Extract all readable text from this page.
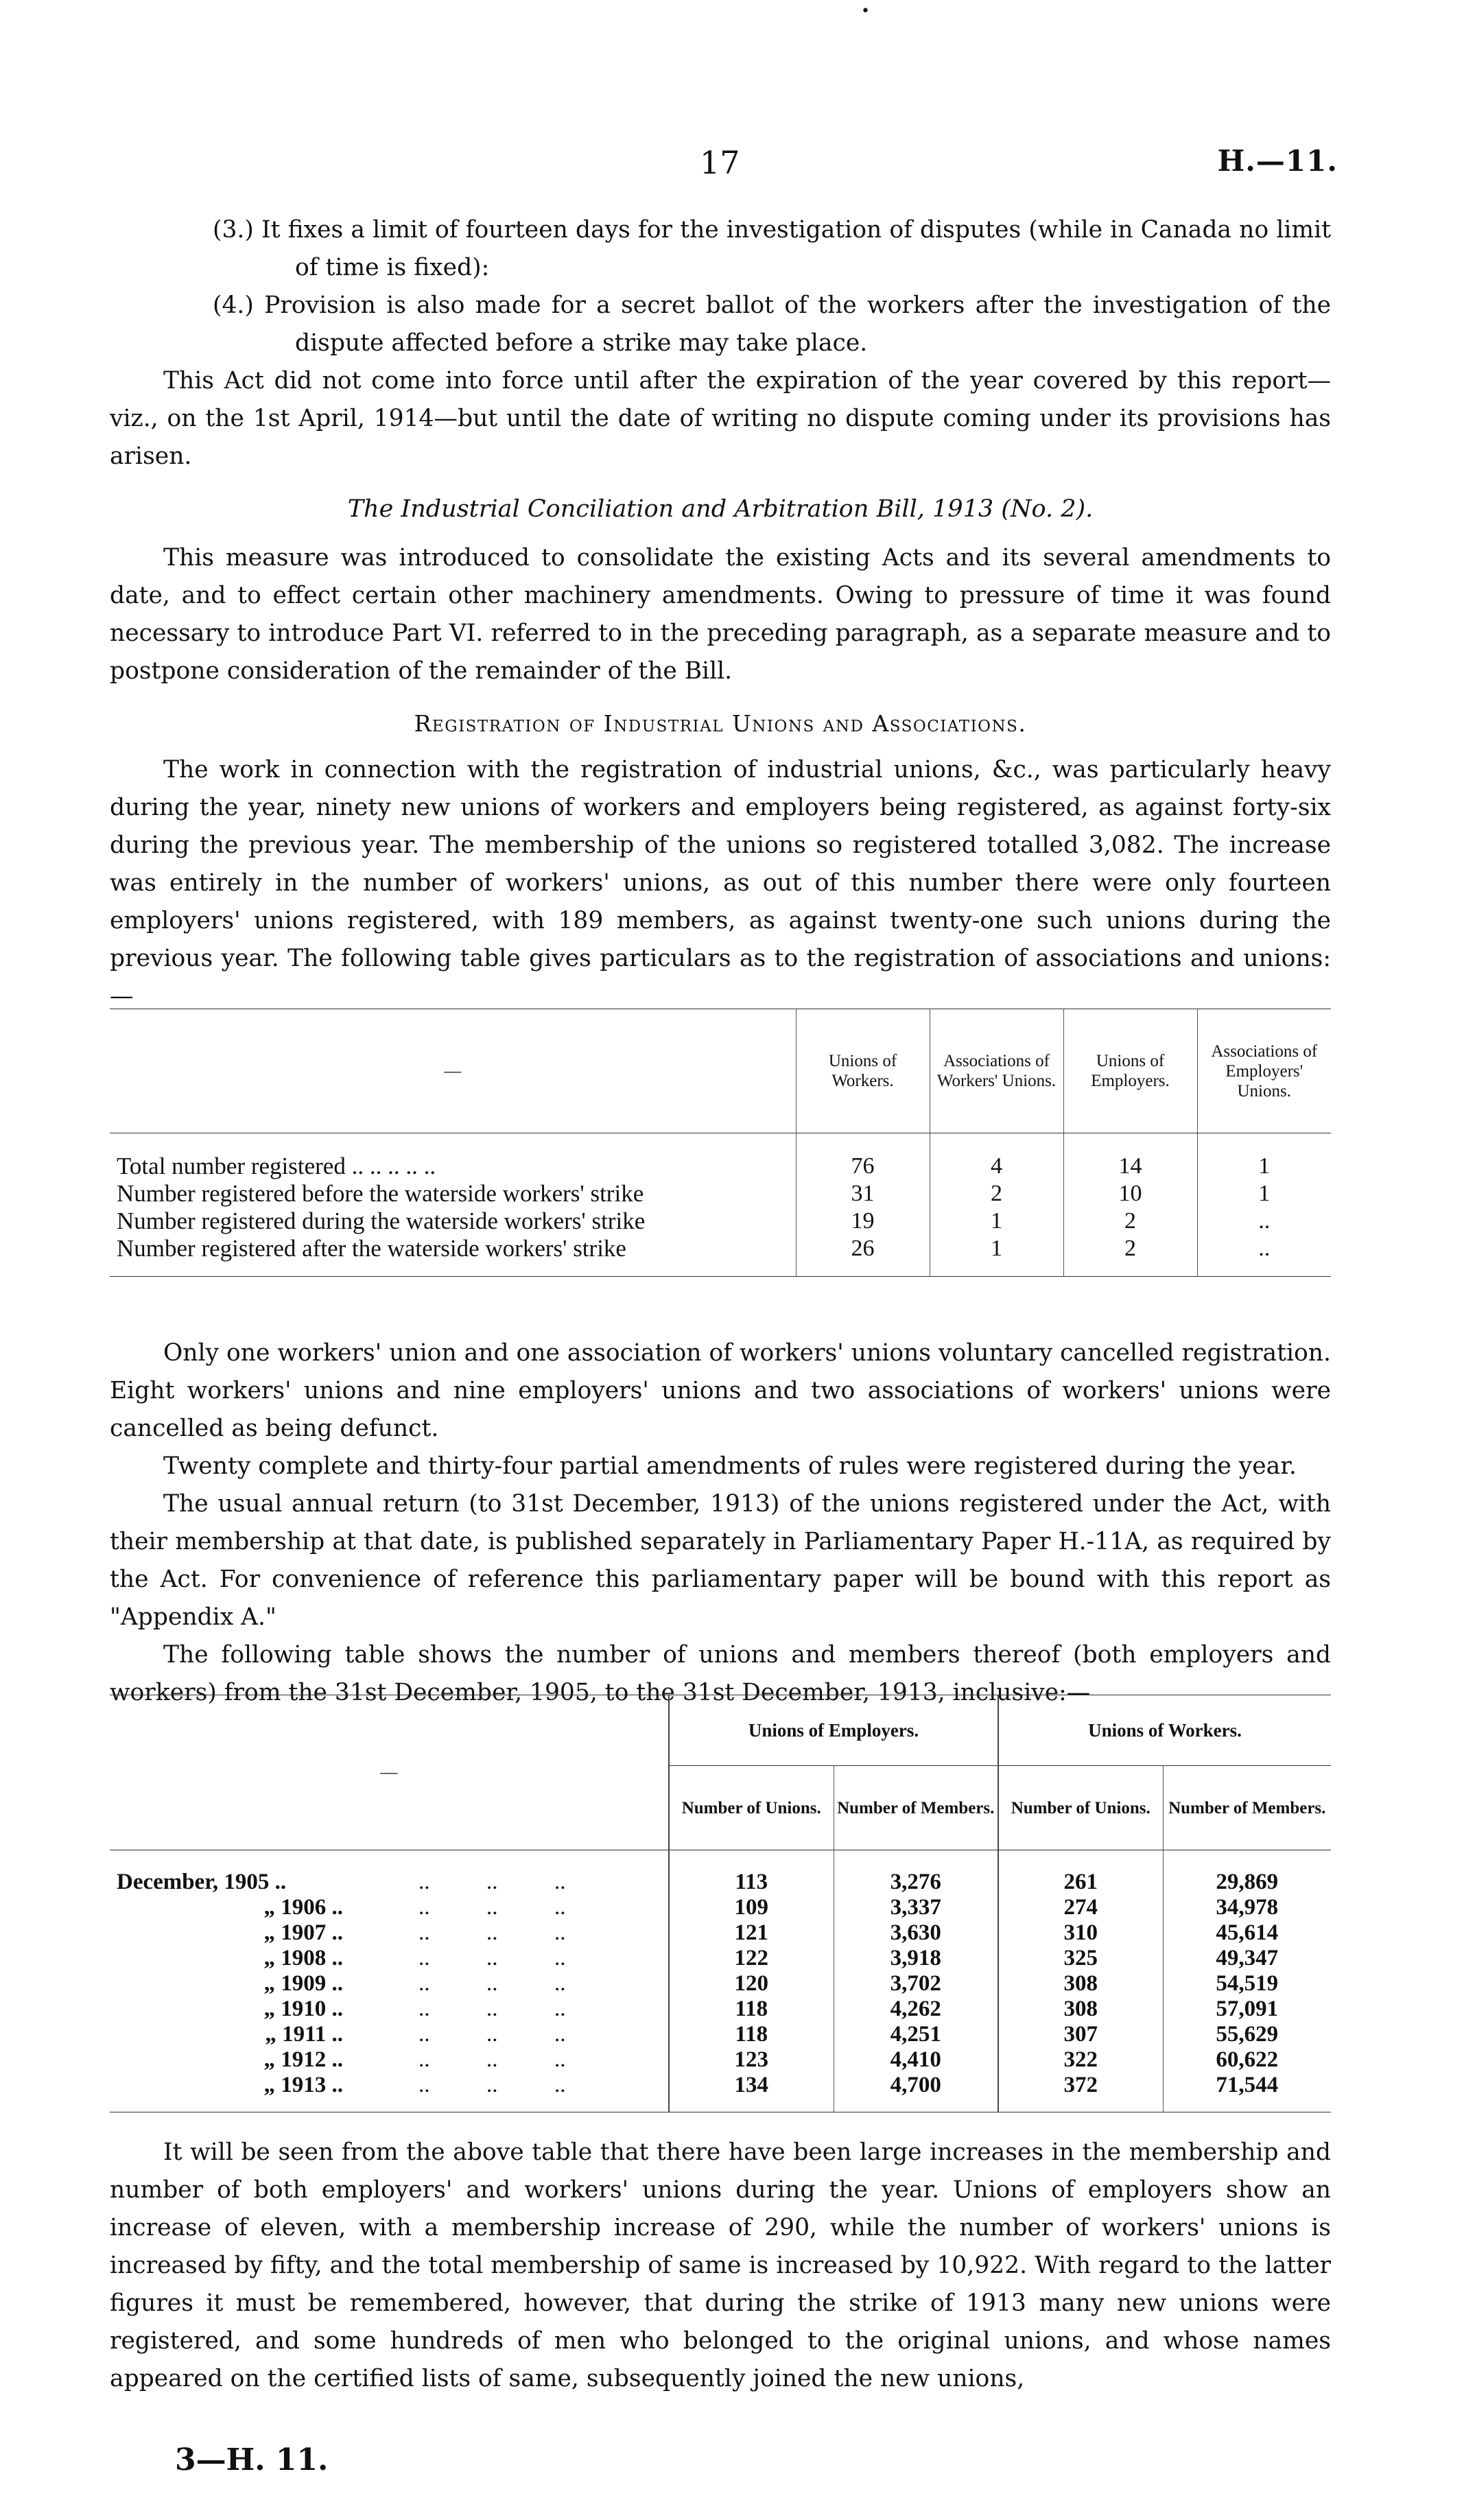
•
17	H.—11.

(3.) It fixes a limit of fourteen days for the investigation of disputes (while in Canada no limit of time is fixed):

(4.) Provision is also made for a secret ballot of the workers after the investigation of the dispute affected before a strike may take place.

This Act did not come into force until after the expiration of the year covered by this report—viz., on the 1st April, 1914—but until the date of writing no dispute coming under its provisions has arisen.

The Industrial Conciliation and Arbitration Bill, 1913 (No. 2).

This measure was introduced to consolidate the existing Acts and its several amendments to date, and to effect certain other machinery amendments. Owing to pressure of time it was found necessary to introduce Part VI. referred to in the preceding paragraph, as a separate measure and to postpone consideration of the remainder of the Bill.

Registration of Industrial Unions and Associations.

The work in connection with the registration of industrial unions, &c., was particularly heavy during the year, ninety new unions of workers and employers being registered, as against forty-six during the previous year. The membership of the unions so registered totalled 3,082. The increase was entirely in the number of workers' unions, as out of this number there were only fourteen employers' unions registered, with 189 members, as against twenty-one such unions during the previous year. The following table gives particulars as to the registration of associations and unions:—

—	Unions of Workers.	Associations of Workers' Unions.	Unions of Employers.	Associations of Employers' Unions.

Total number registered .. .. .. .. ..	76	4	14	1
Number registered before the waterside workers' strike	31	2	10	1
Number registered during the waterside workers' strike	19	1	2	..
Number registered after the waterside workers' strike	26	1	2	..

Only one workers' union and one association of workers' unions voluntary cancelled registration. Eight workers' unions and nine employers' unions and two associations of workers' unions were cancelled as being defunct.

Twenty complete and thirty-four partial amendments of rules were registered during the year.

The usual annual return (to 31st December, 1913) of the unions registered under the Act, with their membership at that date, is published separately in Parliamentary Paper H.-11A, as required by the Act. For convenience of reference this parliamentary paper will be bound with this report as "Appendix A."

The following table shows the number of unions and members thereof (both employers and workers) from the 31st December, 1905, to the 31st December, 1913, inclusive:—

—	Unions of Employers.		Unions of Workers.	
	Number of Unions.	Number of Members.	Number of Unions.	Number of Members.

December, 1905 .. ..          ..          ..	113	3,276	261	29,869
„ 1906 .. ..          ..          ..	109	3,337	274	34,978
„ 1907 .. ..          ..          ..	121	3,630	310	45,614
„ 1908 .. ..          ..          ..	122	3,918	325	49,347
„ 1909 .. ..          ..          ..	120	3,702	308	54,519
„ 1910 .. ..          ..          ..	118	4,262	308	57,091
„ 1911 .. ..          ..          ..	118	4,251	307	55,629
„ 1912 .. ..          ..          ..	123	4,410	322	60,622
„ 1913 .. ..          ..          ..	134	4,700	372	71,544

It will be seen from the above table that there have been large increases in the membership and number of both employers' and workers' unions during the year. Unions of employers show an increase of eleven, with a membership increase of 290, while the number of workers' unions is increased by fifty, and the total membership of same is increased by 10,922. With regard to the latter figures it must be remembered, however, that during the strike of 1913 many new unions were registered, and some hundreds of men who belonged to the original unions, and whose names appeared on the certified lists of same, subsequently joined the new unions,

3—H. 11.
